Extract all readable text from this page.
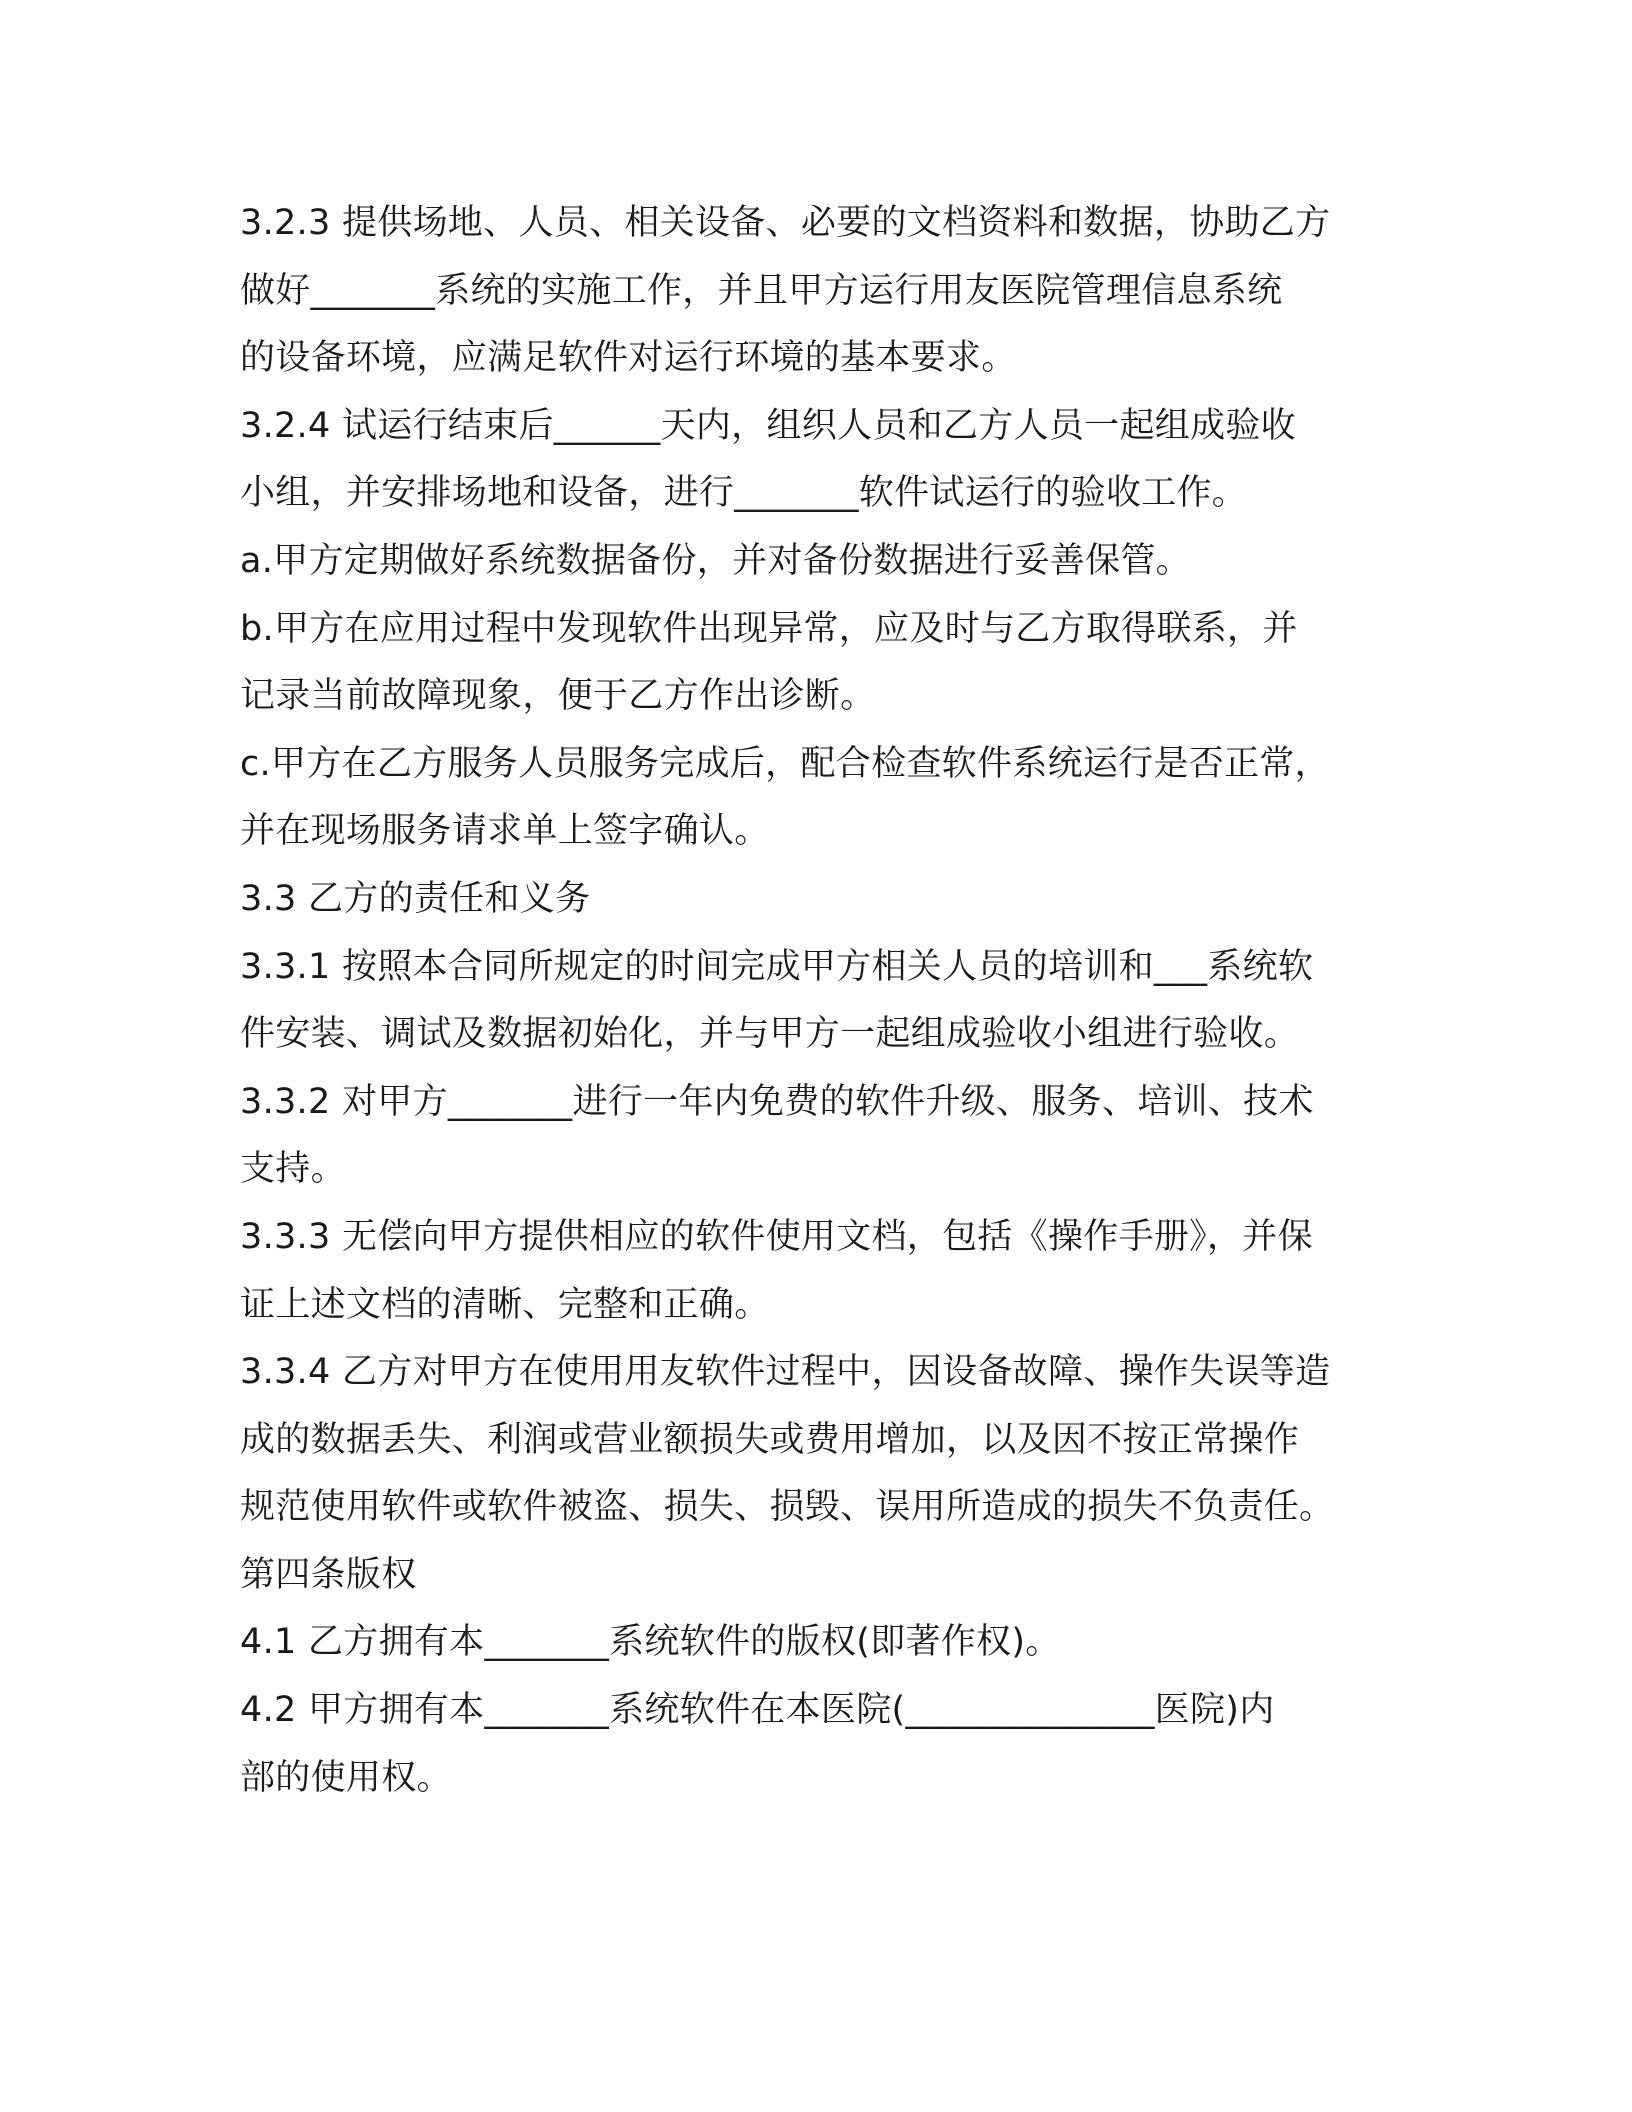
3.2.3 提供场地、人员、相关设备、必要的文档资料和数据，协助乙方
做好_______系统的实施工作，并且甲方运行用友医院管理信息系统
的设备环境，应满足软件对运行环境的基本要求。
3.2.4 试运行结束后______天内，组织人员和乙方人员一起组成验收
小组，并安排场地和设备，进行_______软件试运行的验收工作。
a.甲方定期做好系统数据备份，并对备份数据进行妥善保管。
b.甲方在应用过程中发现软件出现异常，应及时与乙方取得联系，并
记录当前故障现象，便于乙方作出诊断。
c.甲方在乙方服务人员服务完成后，配合检查软件系统运行是否正常，
并在现场服务请求单上签字确认。
3.3 乙方的责任和义务
3.3.1 按照本合同所规定的时间完成甲方相关人员的培训和___系统软
件安装、调试及数据初始化，并与甲方一起组成验收小组进行验收。
3.3.2 对甲方_______进行一年内免费的软件升级、服务、培训、技术
支持。
3.3.3 无偿向甲方提供相应的软件使用文档，包括《操作手册》，并保
证上述文档的清晰、完整和正确。
3.3.4 乙方对甲方在使用用友软件过程中，因设备故障、操作失误等造
成的数据丢失、利润或营业额损失或费用增加，以及因不按正常操作
规范使用软件或软件被盗、损失、损毁、误用所造成的损失不负责任。
第四条版权
4.1 乙方拥有本_______系统软件的版权(即著作权)。
4.2 甲方拥有本_______系统软件在本医院(______________医院)内
部的使用权。
